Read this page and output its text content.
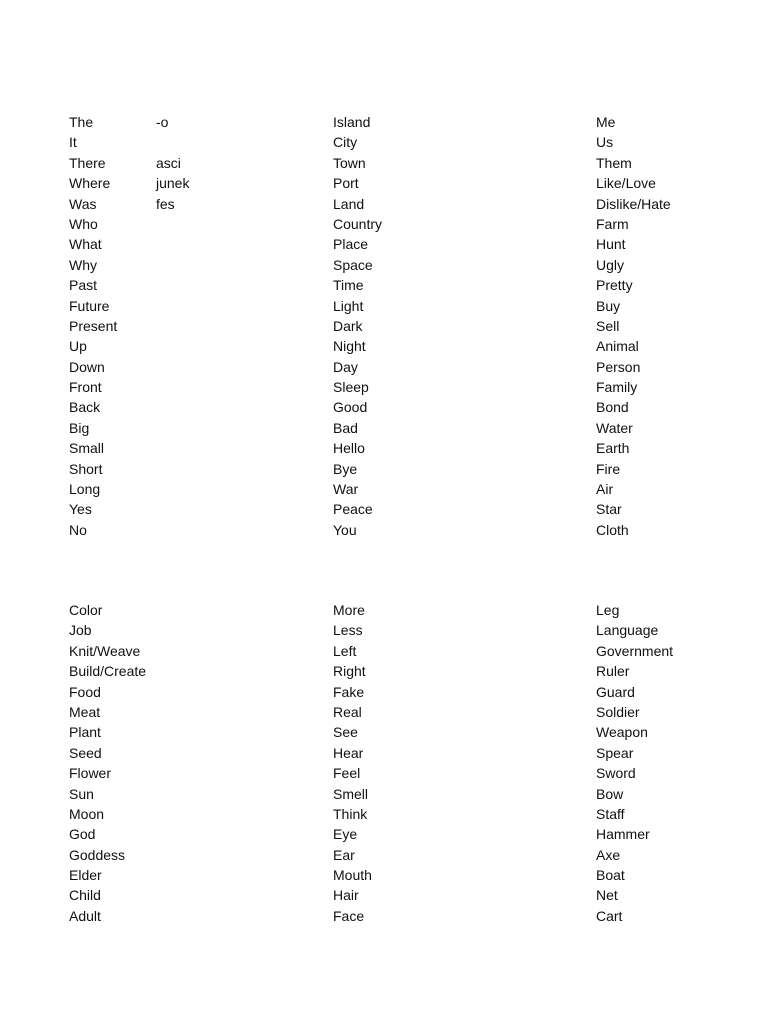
The
It
There
Where
Was
Who
What
Why
Past
Future
Present
Up
Down
Front
Back
Big
Small
Short
Long
Yes
No
-o
asci
junek
fes
Island
City
Town
Port
Land
Country
Place
Space
Time
Light
Dark
Night
Day
Sleep
Good
Bad
Hello
Bye
War
Peace
You
Me
Us
Them
Like/Love
Dislike/Hate
Farm
Hunt
Ugly
Pretty
Buy
Sell
Animal
Person
Family
Bond
Water
Earth
Fire
Air
Star
Cloth
Color
Job
Knit/Weave
Build/Create
Food
Meat
Plant
Seed
Flower
Sun
Moon
God
Goddess
Elder
Child
Adult
More
Less
Left
Right
Fake
Real
See
Hear
Feel
Smell
Think
Eye
Ear
Mouth
Hair
Face
Leg
Language
Government
Ruler
Guard
Soldier
Weapon
Spear
Sword
Bow
Staff
Hammer
Axe
Boat
Net
Cart
